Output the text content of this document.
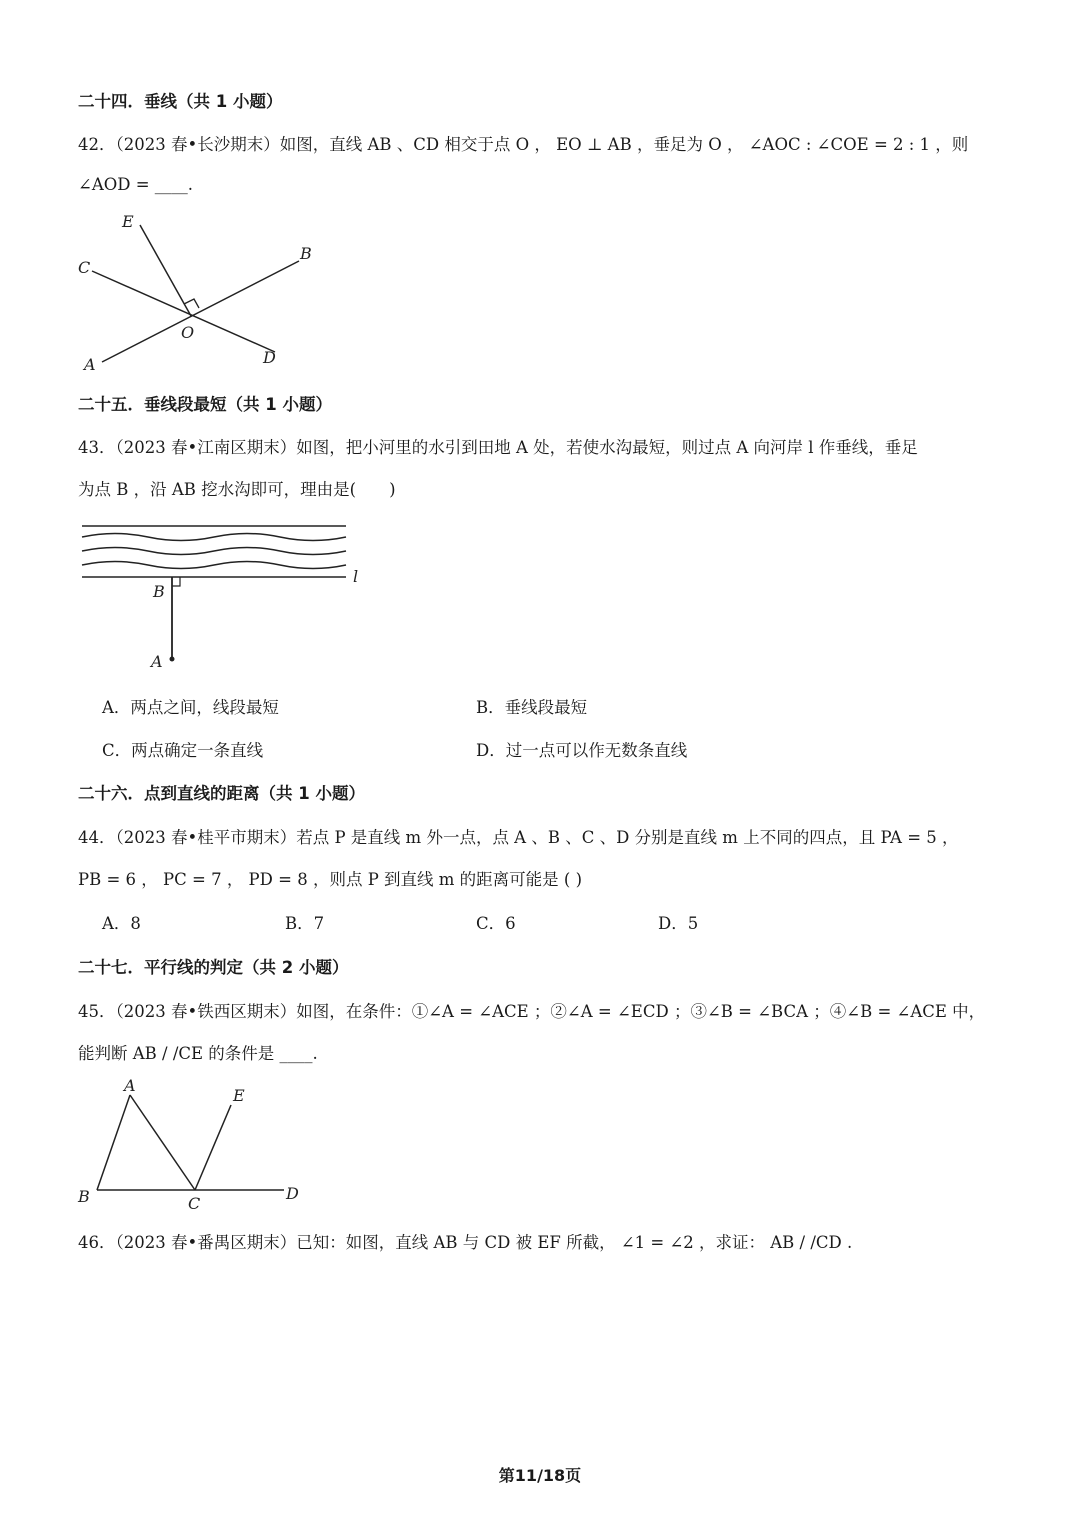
二十四．垂线（共 1 小题）
42．（2023 春•长沙期末）如图，直线 AB 、CD 相交于点 O ， EO ⊥ AB ，垂足为 O ， ∠AOC : ∠COE = 2 : 1 ，则
∠AOD = ____.
E
C
B
O
A	D
二十五．垂线段最短（共 1 小题）
43．（2023 春•江南区期末）如图，把小河里的水引到田地 A 处，若使水沟最短，则过点 A 向河岸 l 作垂线，垂足
为点 B ，沿 AB 挖水沟即可，理由是(　　)
B
A
l
A．两点之间，线段最短	B．垂线段最短
C．两点确定一条直线	D．过一点可以作无数条直线
二十六．点到直线的距离（共 1 小题）
44．（2023 春•桂平市期末）若点 P 是直线 m 外一点，点 A 、B 、C 、D 分别是直线 m 上不同的四点，且 PA = 5 ，
PB = 6 ， PC = 7 ， PD = 8 ，则点 P 到直线 m 的距离可能是 ( )
A．8	B．7	C．6	D．5
二十七．平行线的判定（共 2 小题）
45．（2023 春•铁西区期末）如图，在条件：①∠A = ∠ACE ；②∠A = ∠ECD ；③∠B = ∠BCA ；④∠B = ∠ACE 中，
能判断 AB / /CE 的条件是 ____.
A
E
B	C
D
46．（2023 春•番禺区期末）已知：如图，直线 AB 与 CD 被 EF 所截， ∠1 = ∠2 ，求证： AB / /CD .
第11/18页
